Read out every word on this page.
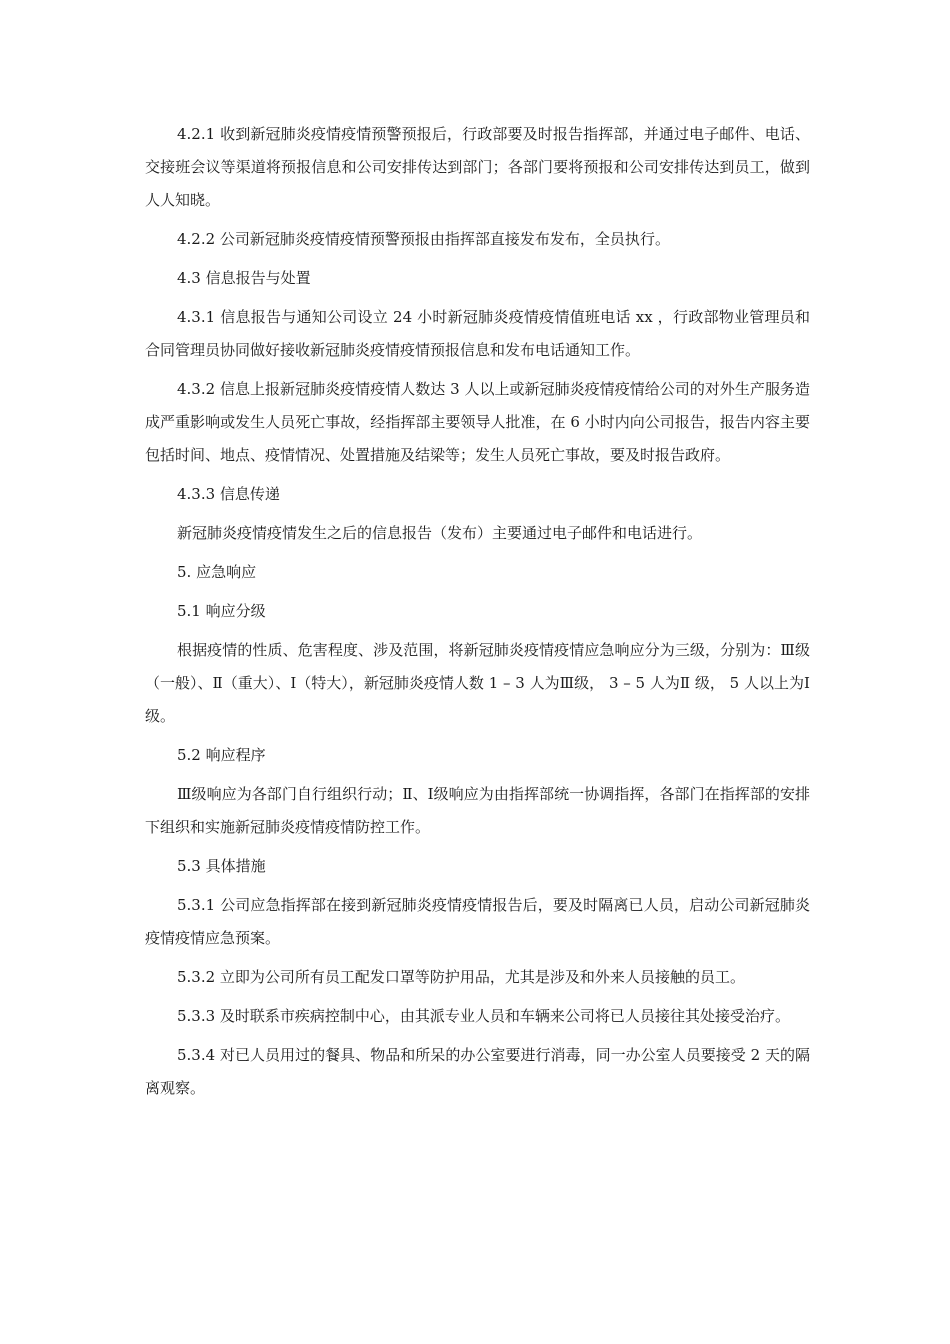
4.2.1 收到新冠肺炎疫情疫情预警预报后，行政部要及时报告指挥部，并通过电子邮件、电话、交接班会议等渠道将预报信息和公司安排传达到部门；各部门要将预报和公司安排传达到员工，做到人人知晓。

4.2.2 公司新冠肺炎疫情疫情预警预报由指挥部直接发布发布，全员执行。

4.3 信息报告与处置

4.3.1 信息报告与通知公司设立 24 小时新冠肺炎疫情疫情值班电话 xx ，行政部物业管理员和合同管理员协同做好接收新冠肺炎疫情疫情预报信息和发布电话通知工作。

4.3.2 信息上报新冠肺炎疫情疫情人数达 3 人以上或新冠肺炎疫情疫情给公司的对外生产服务造成严重影响或发生人员死亡事故，经指挥部主要领导人批准，在 6 小时内向公司报告，报告内容主要包括时间、地点、疫情情况、处置措施及结梁等；发生人员死亡事故，要及时报告政府。

4.3.3 信息传递

新冠肺炎疫情疫情发生之后的信息报告（发布）主要通过电子邮件和电话进行。

5. 应急响应

5.1 响应分级

根据疫情的性质、危害程度、涉及范围，将新冠肺炎疫情疫情应急响应分为三级，分别为：Ⅲ级（一般）、Ⅱ（重大）、Ⅰ（特大），新冠肺炎疫情人数 1 – 3 人为Ⅲ级， 3 – 5 人为Ⅱ 级， 5 人以上为Ⅰ级。

5.2 响应程序

Ⅲ级响应为各部门自行组织行动；Ⅱ、Ⅰ级响应为由指挥部统一协调指挥，各部门在指挥部的安排下组织和实施新冠肺炎疫情疫情防控工作。

5.3 具体措施

5.3.1 公司应急指挥部在接到新冠肺炎疫情疫情报告后，要及时隔离已人员，启动公司新冠肺炎疫情疫情应急预案。

5.3.2 立即为公司所有员工配发口罩等防护用品，尤其是涉及和外来人员接触的员工。

5.3.3 及时联系市疾病控制中心，由其派专业人员和车辆来公司将已人员接往其处接受治疗。

5.3.4 对已人员用过的餐具、物品和所呆的办公室要进行消毒，同一办公室人员要接受 2 天的隔离观察。
